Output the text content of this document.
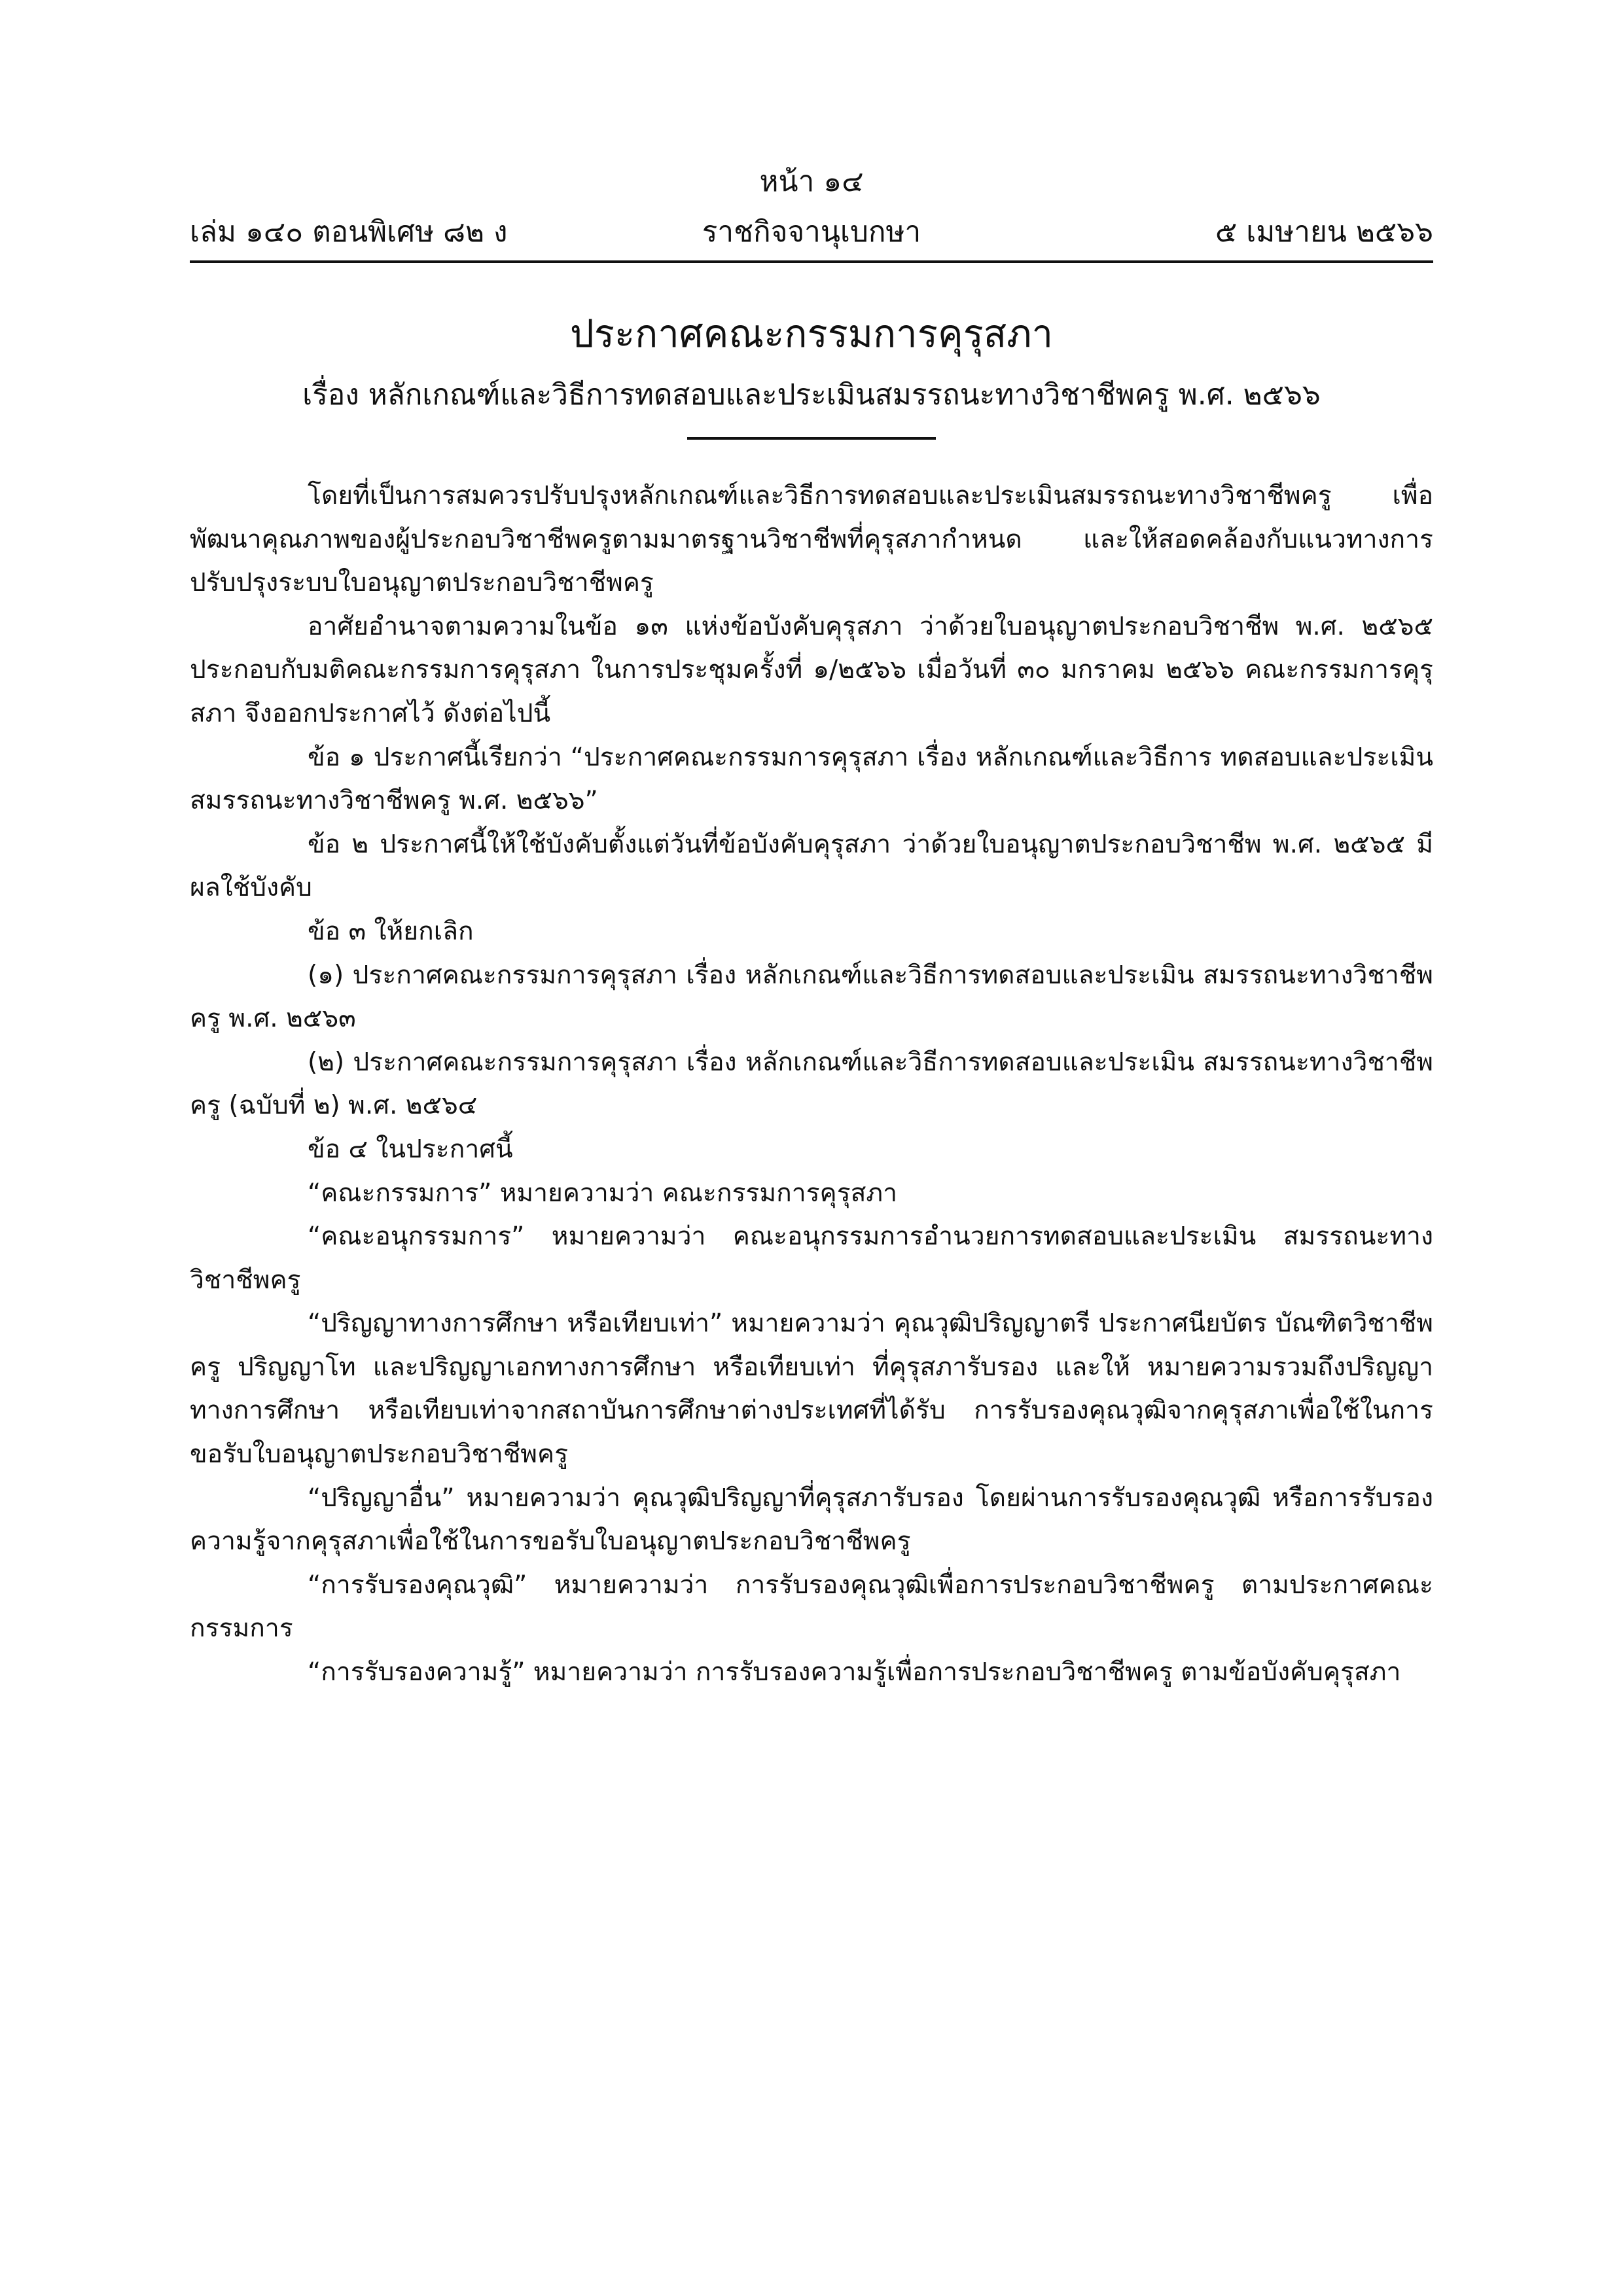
หน้า ๑๔
ราชกิจจานุเบกษา
เล่ม ๑๔๐ ตอนพิเศษ ๘๒ ง	๕ เมษายน ๒๕๖๖
ประกาศคณะกรรมการคุรุสภา
เรื่อง หลักเกณฑ์และวิธีการทดสอบและประเมินสมรรถนะทางวิชาชีพครู พ.ศ. ๒๕๖๖

โดยที่เป็นการสมควรปรับปรุงหลักเกณฑ์และวิธีการทดสอบและประเมินสมรรถนะทางวิชาชีพครู เพื่อพัฒนาคุณภาพของผู้ประกอบวิชาชีพครูตามมาตรฐานวิชาชีพที่คุรุสภากำหนด และให้สอดคล้องกับแนวทางการปรับปรุงระบบใบอนุญาตประกอบวิชาชีพครู

อาศัยอำนาจตามความในข้อ ๑๓ แห่งข้อบังคับคุรุสภา ว่าด้วยใบอนุญาตประกอบวิชาชีพ พ.ศ. ๒๕๖๕ ประกอบกับมติคณะกรรมการคุรุสภา ในการประชุมครั้งที่ ๑/๒๕๖๖ เมื่อวันที่ ๓๐ มกราคม ๒๕๖๖ คณะกรรมการคุรุสภา จึงออกประกาศไว้ ดังต่อไปนี้

ข้อ ๑ ประกาศนี้เรียกว่า “ประกาศคณะกรรมการคุรุสภา เรื่อง หลักเกณฑ์และวิธีการ ทดสอบและประเมินสมรรถนะทางวิชาชีพครู พ.ศ. ๒๕๖๖”

ข้อ ๒ ประกาศนี้ให้ใช้บังคับตั้งแต่วันที่ข้อบังคับคุรุสภา ว่าด้วยใบอนุญาตประกอบวิชาชีพ พ.ศ. ๒๕๖๕ มีผลใช้บังคับ

ข้อ ๓ ให้ยกเลิก

(๑) ประกาศคณะกรรมการคุรุสภา เรื่อง หลักเกณฑ์และวิธีการทดสอบและประเมิน สมรรถนะทางวิชาชีพครู พ.ศ. ๒๕๖๓

(๒) ประกาศคณะกรรมการคุรุสภา เรื่อง หลักเกณฑ์และวิธีการทดสอบและประเมิน สมรรถนะทางวิชาชีพครู (ฉบับที่ ๒) พ.ศ. ๒๕๖๔

ข้อ ๔ ในประกาศนี้

“คณะกรรมการ” หมายความว่า คณะกรรมการคุรุสภา

“คณะอนุกรรมการ” หมายความว่า คณะอนุกรรมการอำนวยการทดสอบและประเมิน สมรรถนะทางวิชาชีพครู

“ปริญญาทางการศึกษา หรือเทียบเท่า” หมายความว่า คุณวุฒิปริญญาตรี ประกาศนียบัตร บัณฑิตวิชาชีพครู ปริญญาโท และปริญญาเอกทางการศึกษา หรือเทียบเท่า ที่คุรุสภารับรอง และให้ หมายความรวมถึงปริญญาทางการศึกษา หรือเทียบเท่าจากสถาบันการศึกษาต่างประเทศที่ได้รับ การรับรองคุณวุฒิจากคุรุสภาเพื่อใช้ในการขอรับใบอนุญาตประกอบวิชาชีพครู

“ปริญญาอื่น” หมายความว่า คุณวุฒิปริญญาที่คุรุสภารับรอง โดยผ่านการรับรองคุณวุฒิ หรือการรับรองความรู้จากคุรุสภาเพื่อใช้ในการขอรับใบอนุญาตประกอบวิชาชีพครู

“การรับรองคุณวุฒิ” หมายความว่า การรับรองคุณวุฒิเพื่อการประกอบวิชาชีพครู ตามประกาศคณะกรรมการ

“การรับรองความรู้” หมายความว่า การรับรองความรู้เพื่อการประกอบวิชาชีพครู ตามข้อบังคับคุรุสภา
